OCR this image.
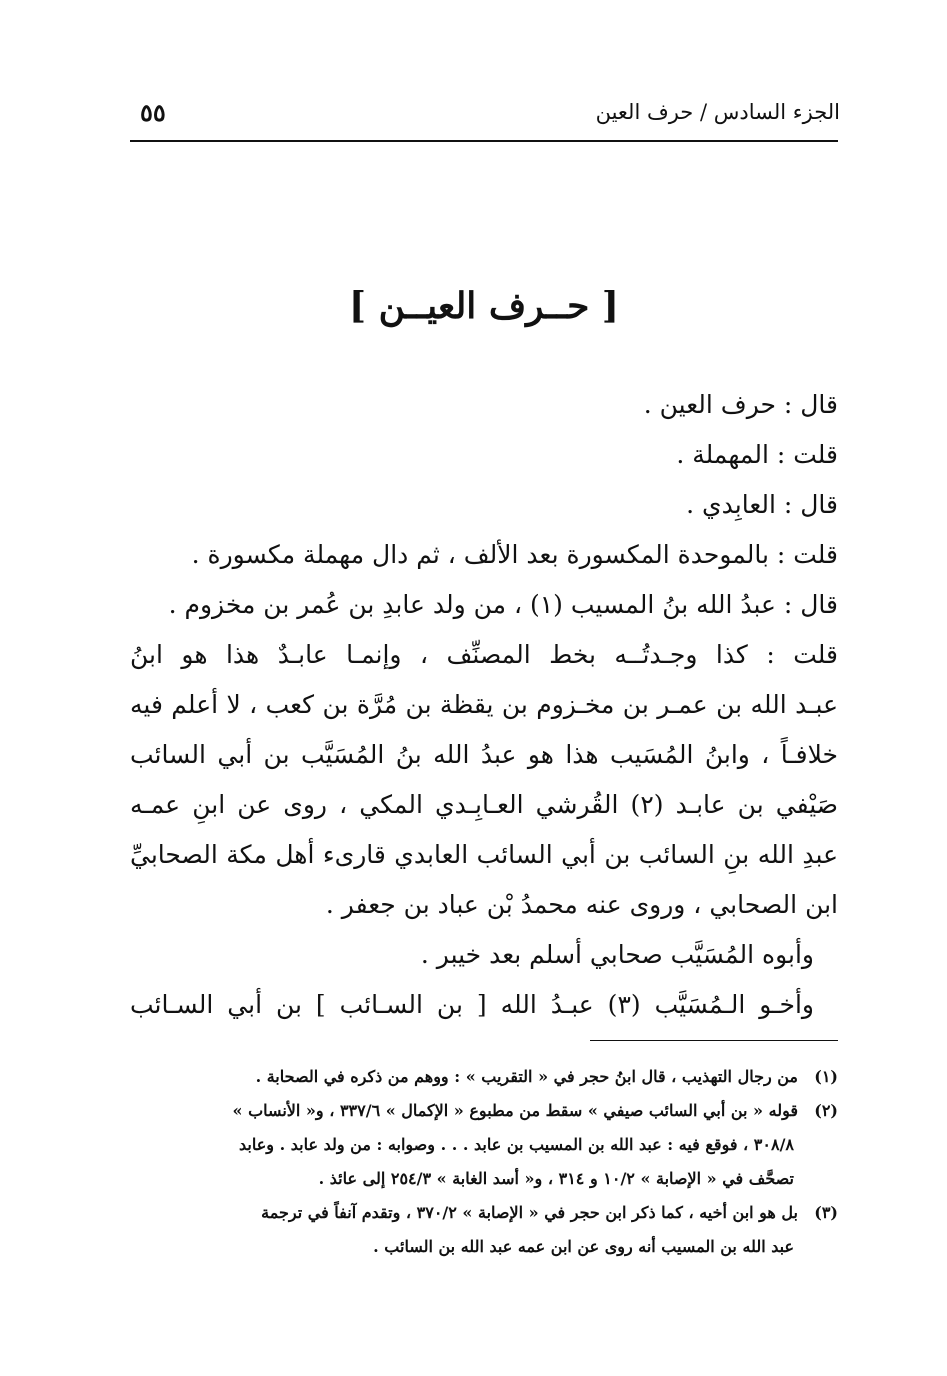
الجزء السادس / حرف العين
٥٥
[ حــرف العيــن ]
قال : حرف العين .
قلت : المهملة .
قال : العابِدي .
قلت : بالموحدة المكسورة بعد الألف ، ثم دال مهملة مكسورة .
قال : عبدُ الله بنُ المسيب (١) ، من ولد عابدِ بن عُمر بن مخزوم .
قلت : كذا وجـدتُــه بخط المصنِّف ، وإنمـا عابـدٌ هذا هو ابنُ
عبـد الله بن عمـر بن مخـزوم بن يقظة بن مُرَّة بن كعب ، لا أعلم فيه
خلافـاً ، وابنُ المُسَيب هذا هو عبدُ الله بنُ المُسَيَّب بن أبي السائب
صَيْفي بن عابـد (٢) القُرشي العـابِـدي المكي ، روى عن ابنِ عمـه
عبدِ الله بنِ السائب بن أبي السائب العابدي قارىء أهل مكة الصحابيِّ
ابن الصحابي ، وروى عنه محمدُ بْن عباد بن جعفر .
وأبوه المُسَيَّب صحابي أسلم بعد خيبر .
وأخـو الـمُسَيَّب (٣) عبـدُ الله [ بن السـائب ] بن أبي السـائب
(١)من رجال التهذيب ، قال ابنُ حجر في « التقريب » : ووهم من ذكره في الصحابة .
(٢)قوله « بن أبي السائب صيفي » سقط من مطبوع « الإكمال » ٣٣٧/٦ ، و« الأنساب »
٣٠٨/٨ ، فوقع فيه : عبد الله بن المسيب بن عابد . . . وصوابه : من ولد عابد . وعابد
تصحَّف في « الإصابة » ١٠/٢ و ٣١٤ ، و« أسد الغابة » ٢٥٤/٣ إلى عائذ .
(٣)بل هو ابن أخيه ، كما ذكر ابن حجر في « الإصابة » ٣٧٠/٢ ، وتقدم آنفاً في ترجمة
عبد الله بن المسيب أنه روى عن ابن عمه عبد الله بن السائب .
